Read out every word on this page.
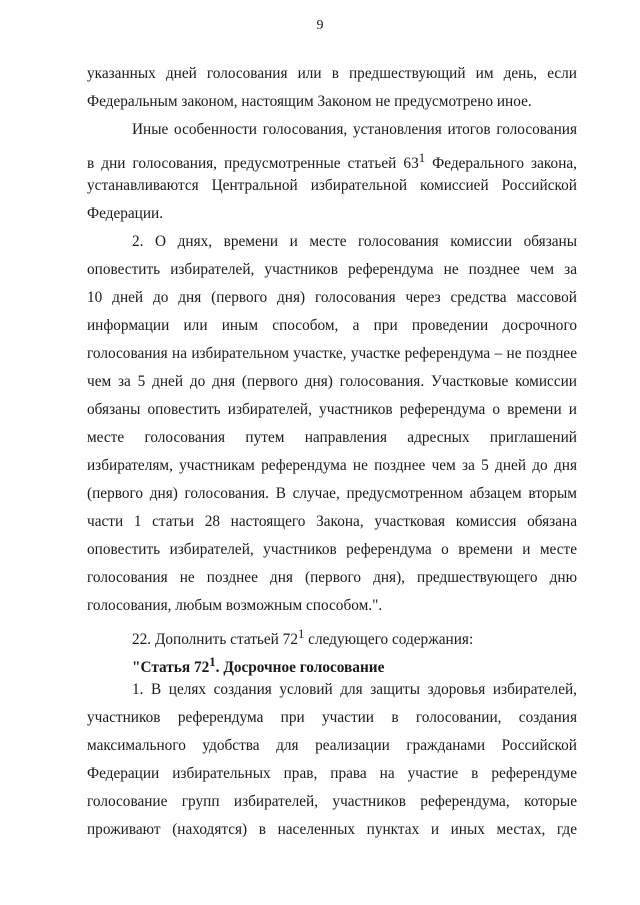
9
указанных дней голосования или в предшествующий им день, если
Федеральным законом, настоящим Законом не предусмотрено иное.
Иные особенности голосования, установления итогов голосования
в дни голосования, предусмотренные статьей $63^1$ Федерального закона,
устанавливаются Центральной избирательной комиссией Российской
Федерации.
2. О днях, времени и месте голосования комиссии обязаны
оповестить избирателей, участников референдума не позднее чем за
10 дней до дня (первого дня) голосования через средства массовой
информации или иным способом, а при проведении досрочного
голосования на избирательном участке, участке референдума – не позднее
чем за 5 дней до дня (первого дня) голосования. Участковые комиссии
обязаны оповестить избирателей, участников референдума о времени и
месте голосования путем направления адресных приглашений
избирателям, участникам референдума не позднее чем за 5 дней до дня
(первого дня) голосования. В случае, предусмотренном абзацем вторым
части 1 статьи 28 настоящего Закона, участковая комиссия обязана
оповестить избирателей, участников референдума о времени и месте
голосования не позднее дня (первого дня), предшествующего дню
голосования, любым возможным способом.".
22. Дополнить статьей $72^1$ следующего содержания:
"Статья $72^1$. Досрочное голосование
1. В целях создания условий для защиты здоровья избирателей,
участников референдума при участии в голосовании, создания
максимального удобства для реализации гражданами Российской
Федерации избирательных прав, права на участие в референдуме
голосование групп избирателей, участников референдума, которые
проживают (находятся) в населенных пунктах и иных местах, где
